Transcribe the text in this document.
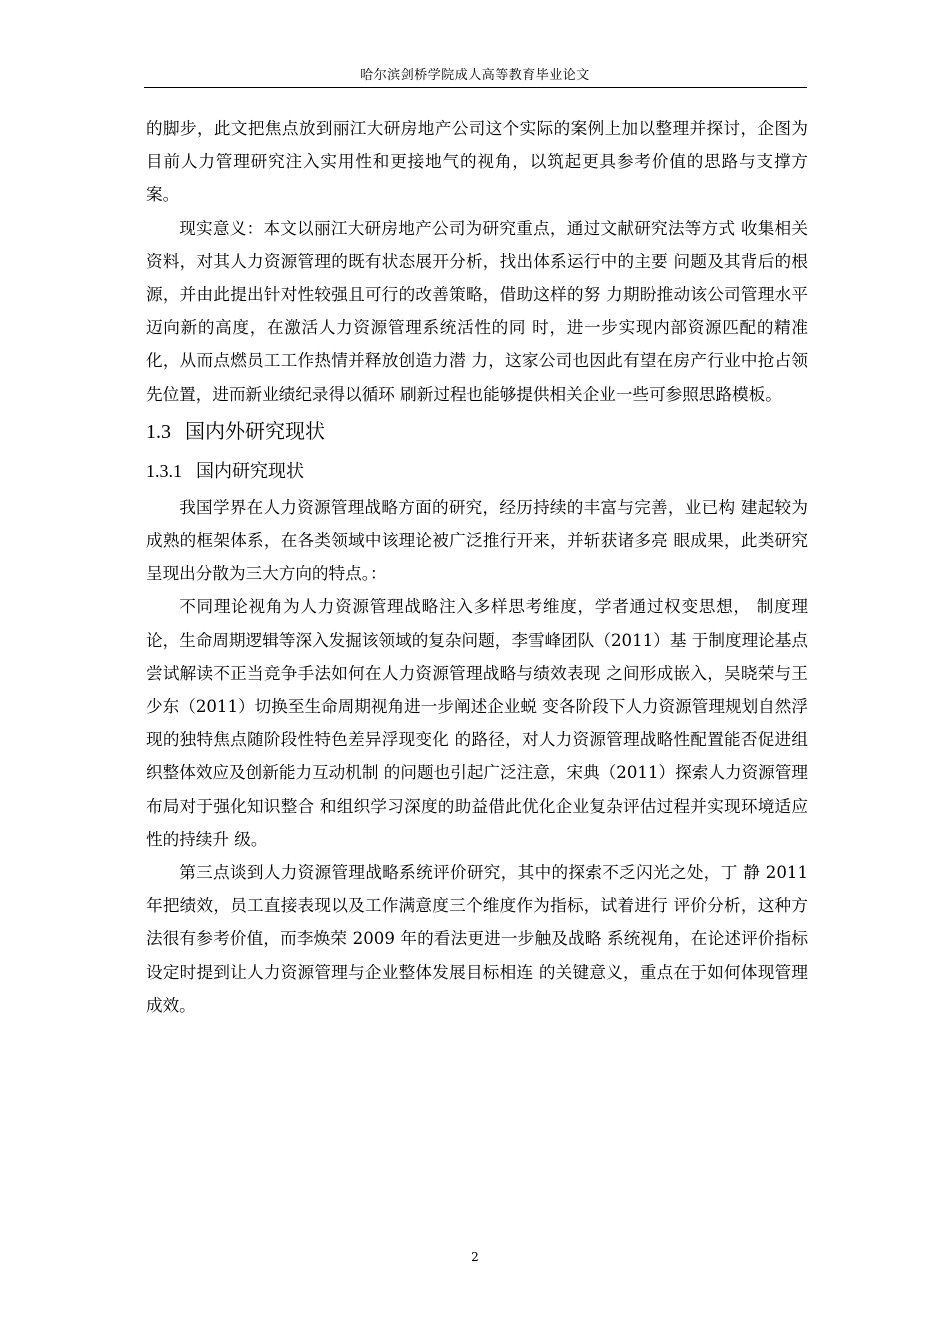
哈尔滨剑桥学院成人高等教育毕业论文

的脚步，此文把焦点放到丽江大研房地产公司这个实际的案例上加以整理并探讨，企图为目前人力管理研究注入实用性和更接地气的视角，以筑起更具参考价值的思路与支撑方案。

现实意义：本文以丽江大研房地产公司为研究重点，通过文献研究法等方式 收集相关资料，对其人力资源管理的既有状态展开分析，找出体系运行中的主要 问题及其背后的根源，并由此提出针对性较强且可行的改善策略，借助这样的努 力期盼推动该公司管理水平迈向新的高度，在激活人力资源管理系统活性的同 时，进一步实现内部资源匹配的精准化，从而点燃员工工作热情并释放创造力潜 力，这家公司也因此有望在房产行业中抢占领先位置，进而新业绩纪录得以循环 刷新过程也能够提供相关企业一些可参照思路模板。

1.3 国内外研究现状
1.3.1 国内研究现状

我国学界在人力资源管理战略方面的研究，经历持续的丰富与完善，业已构 建起较为成熟的框架体系，在各类领域中该理论被广泛推行开来，并斩获诸多亮 眼成果，此类研究呈现出分散为三大方向的特点。：

不同理论视角为人力资源管理战略注入多样思考维度，学者通过权变思想， 制度理论，生命周期逻辑等深入发掘该领域的复杂问题，李雪峰团队（2011）基 于制度理论基点尝试解读不正当竞争手法如何在人力资源管理战略与绩效表现 之间形成嵌入，吴晓荣与王少东（2011）切换至生命周期视角进一步阐述企业蜕 变各阶段下人力资源管理规划自然浮现的独特焦点随阶段性特色差异浮现变化 的路径，对人力资源管理战略性配置能否促进组织整体效应及创新能力互动机制 的问题也引起广泛注意，宋典（2011）探索人力资源管理布局对于强化知识整合 和组织学习深度的助益借此优化企业复杂评估过程并实现环境适应性的持续升 级。

第三点谈到人力资源管理战略系统评价研究，其中的探索不乏闪光之处，丁 静 2011 年把绩效，员工直接表现以及工作满意度三个维度作为指标，试着进行 评价分析，这种方法很有参考价值，而李焕荣 2009 年的看法更进一步触及战略 系统视角，在论述评价指标设定时提到让人力资源管理与企业整体发展目标相连 的关键意义，重点在于如何体现管理成效。

2
